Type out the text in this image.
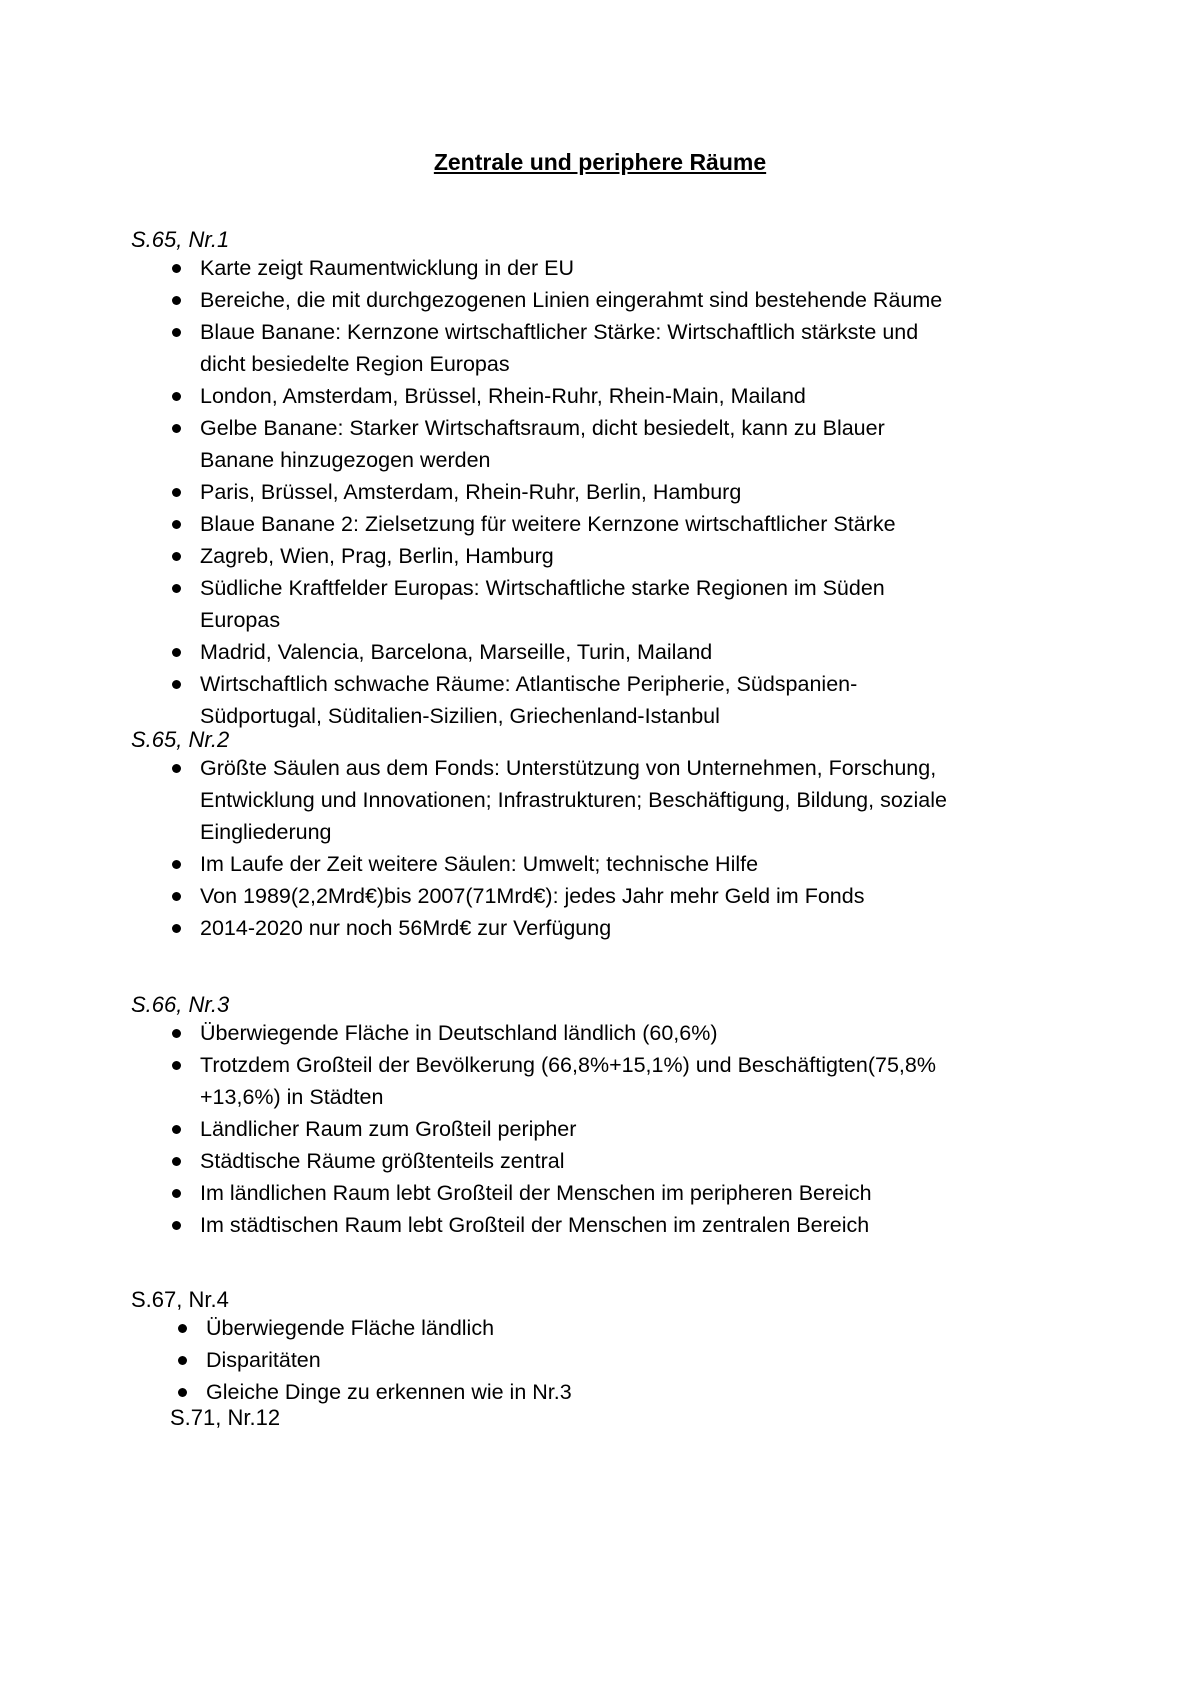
Zentrale und periphere Räume
S.65, Nr.1
Karte zeigt Raumentwicklung in der EU
Bereiche, die mit durchgezogenen Linien eingerahmt sind bestehende Räume
Blaue Banane: Kernzone wirtschaftlicher Stärke: Wirtschaftlich stärkste und dicht besiedelte Region Europas
London, Amsterdam, Brüssel, Rhein-Ruhr, Rhein-Main, Mailand
Gelbe Banane: Starker Wirtschaftsraum, dicht besiedelt, kann zu Blauer Banane hinzugezogen werden
Paris, Brüssel, Amsterdam, Rhein-Ruhr, Berlin, Hamburg
Blaue Banane 2: Zielsetzung für weitere Kernzone wirtschaftlicher Stärke
Zagreb, Wien, Prag, Berlin, Hamburg
Südliche Kraftfelder Europas: Wirtschaftliche starke Regionen im Süden Europas
Madrid, Valencia, Barcelona, Marseille, Turin, Mailand
Wirtschaftlich schwache Räume: Atlantische Peripherie, Südspanien-Südportugal, Süditalien-Sizilien, Griechenland-Istanbul
S.65, Nr.2
Größte Säulen aus dem Fonds: Unterstützung von Unternehmen, Forschung, Entwicklung und Innovationen; Infrastrukturen; Beschäftigung, Bildung, soziale Eingliederung
Im Laufe der Zeit weitere Säulen: Umwelt; technische Hilfe
Von 1989(2,2Mrd€)bis 2007(71Mrd€): jedes Jahr mehr Geld im Fonds
2014-2020 nur noch 56Mrd€ zur Verfügung
S.66, Nr.3
Überwiegende Fläche in Deutschland ländlich (60,6%)
Trotzdem Großteil der Bevölkerung (66,8%+15,1%) und Beschäftigten(75,8% +13,6%) in Städten
Ländlicher Raum zum Großteil peripher
Städtische Räume größtenteils zentral
Im ländlichen Raum lebt Großteil der Menschen im peripheren Bereich
Im städtischen Raum lebt Großteil der Menschen im zentralen Bereich
S.67, Nr.4
Überwiegende Fläche ländlich
Disparitäten
Gleiche Dinge zu erkennen wie in Nr.3
S.71, Nr.12
